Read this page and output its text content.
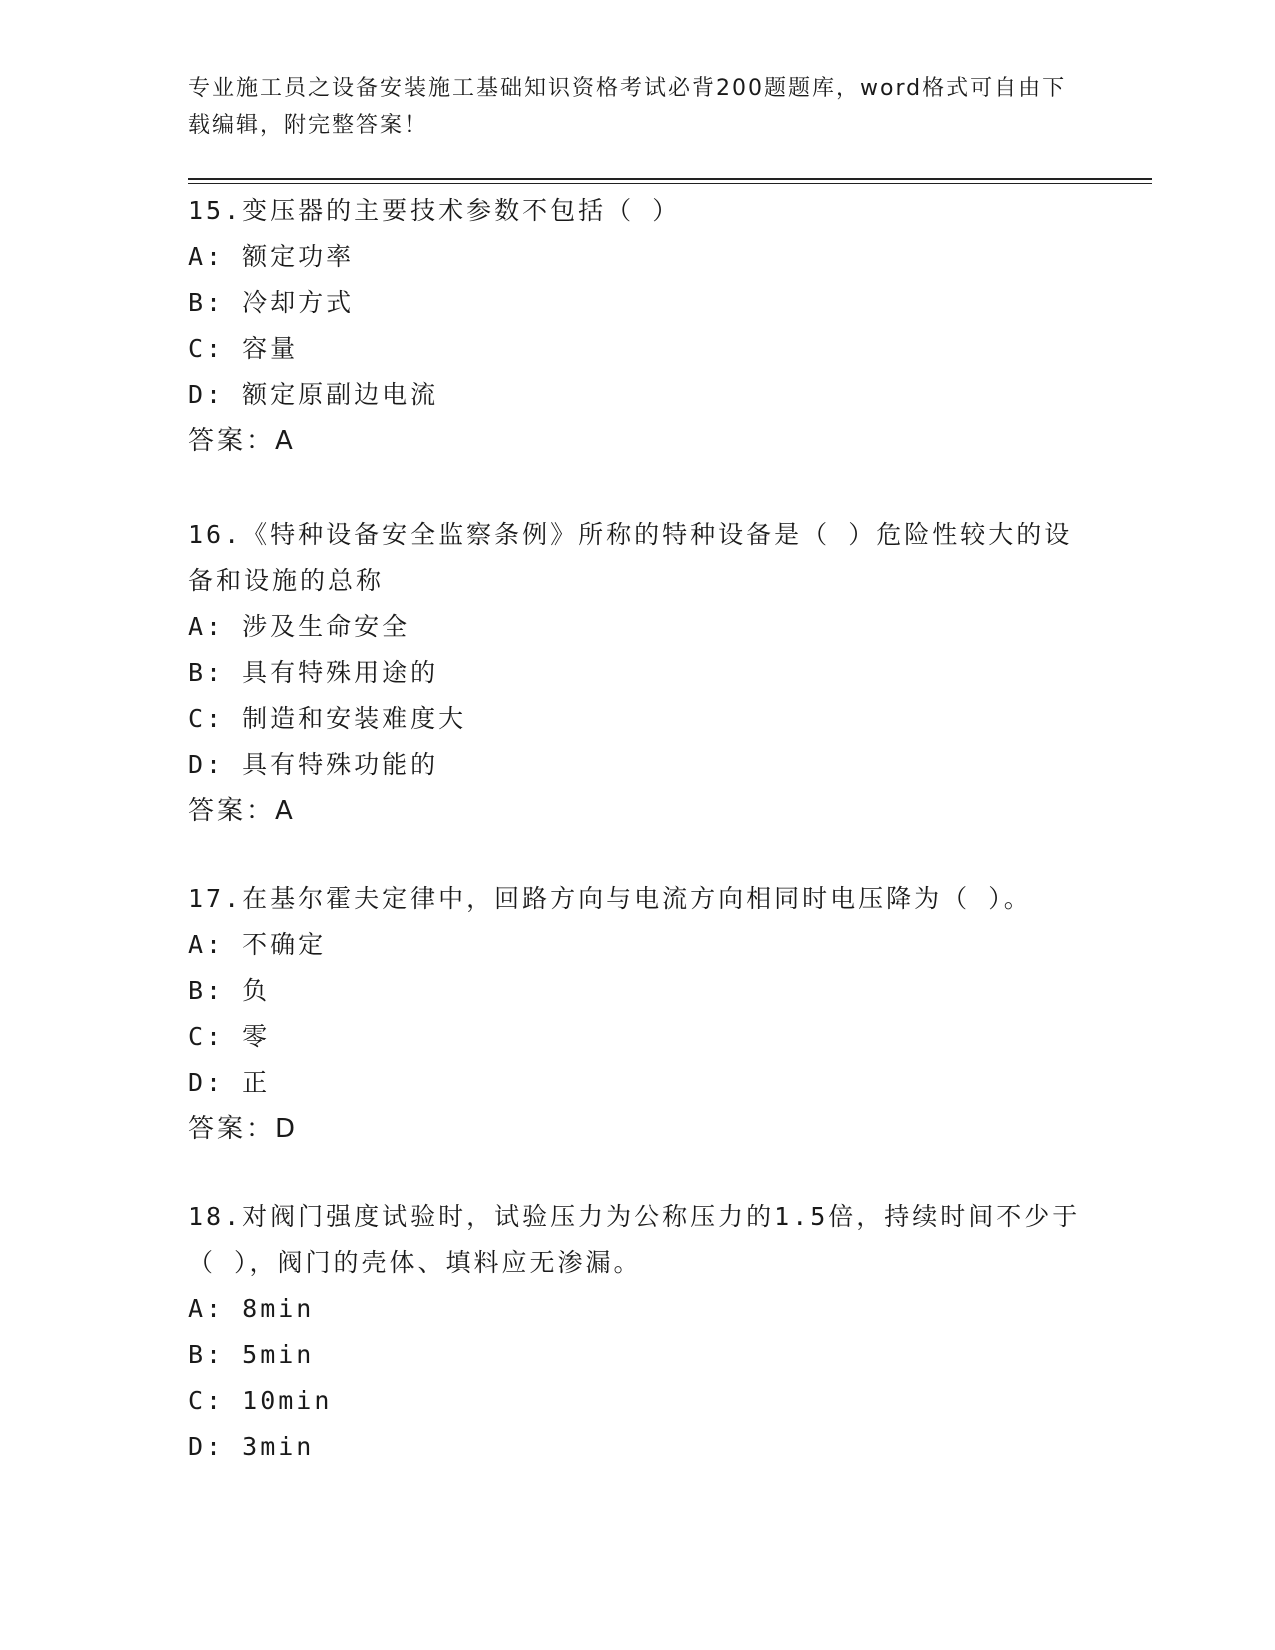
专业施工员之设备安装施工基础知识资格考试必背200题题库，word格式可自由下载编辑，附完整答案！
15.变压器的主要技术参数不包括（ ）
A: 额定功率
B: 冷却方式
C: 容量
D: 额定原副边电流
答案：A
16.《特种设备安全监察条例》所称的特种设备是（ ）危险性较大的设备和设施的总称
A: 涉及生命安全
B: 具有特殊用途的
C: 制造和安装难度大
D: 具有特殊功能的
答案：A
17.在基尔霍夫定律中，回路方向与电流方向相同时电压降为（ ）。
A: 不确定
B: 负
C: 零
D: 正
答案：D
18.对阀门强度试验时，试验压力为公称压力的1.5倍，持续时间不少于（ ），阀门的壳体、填料应无渗漏。
A: 8min
B: 5min
C: 10min
D: 3min
